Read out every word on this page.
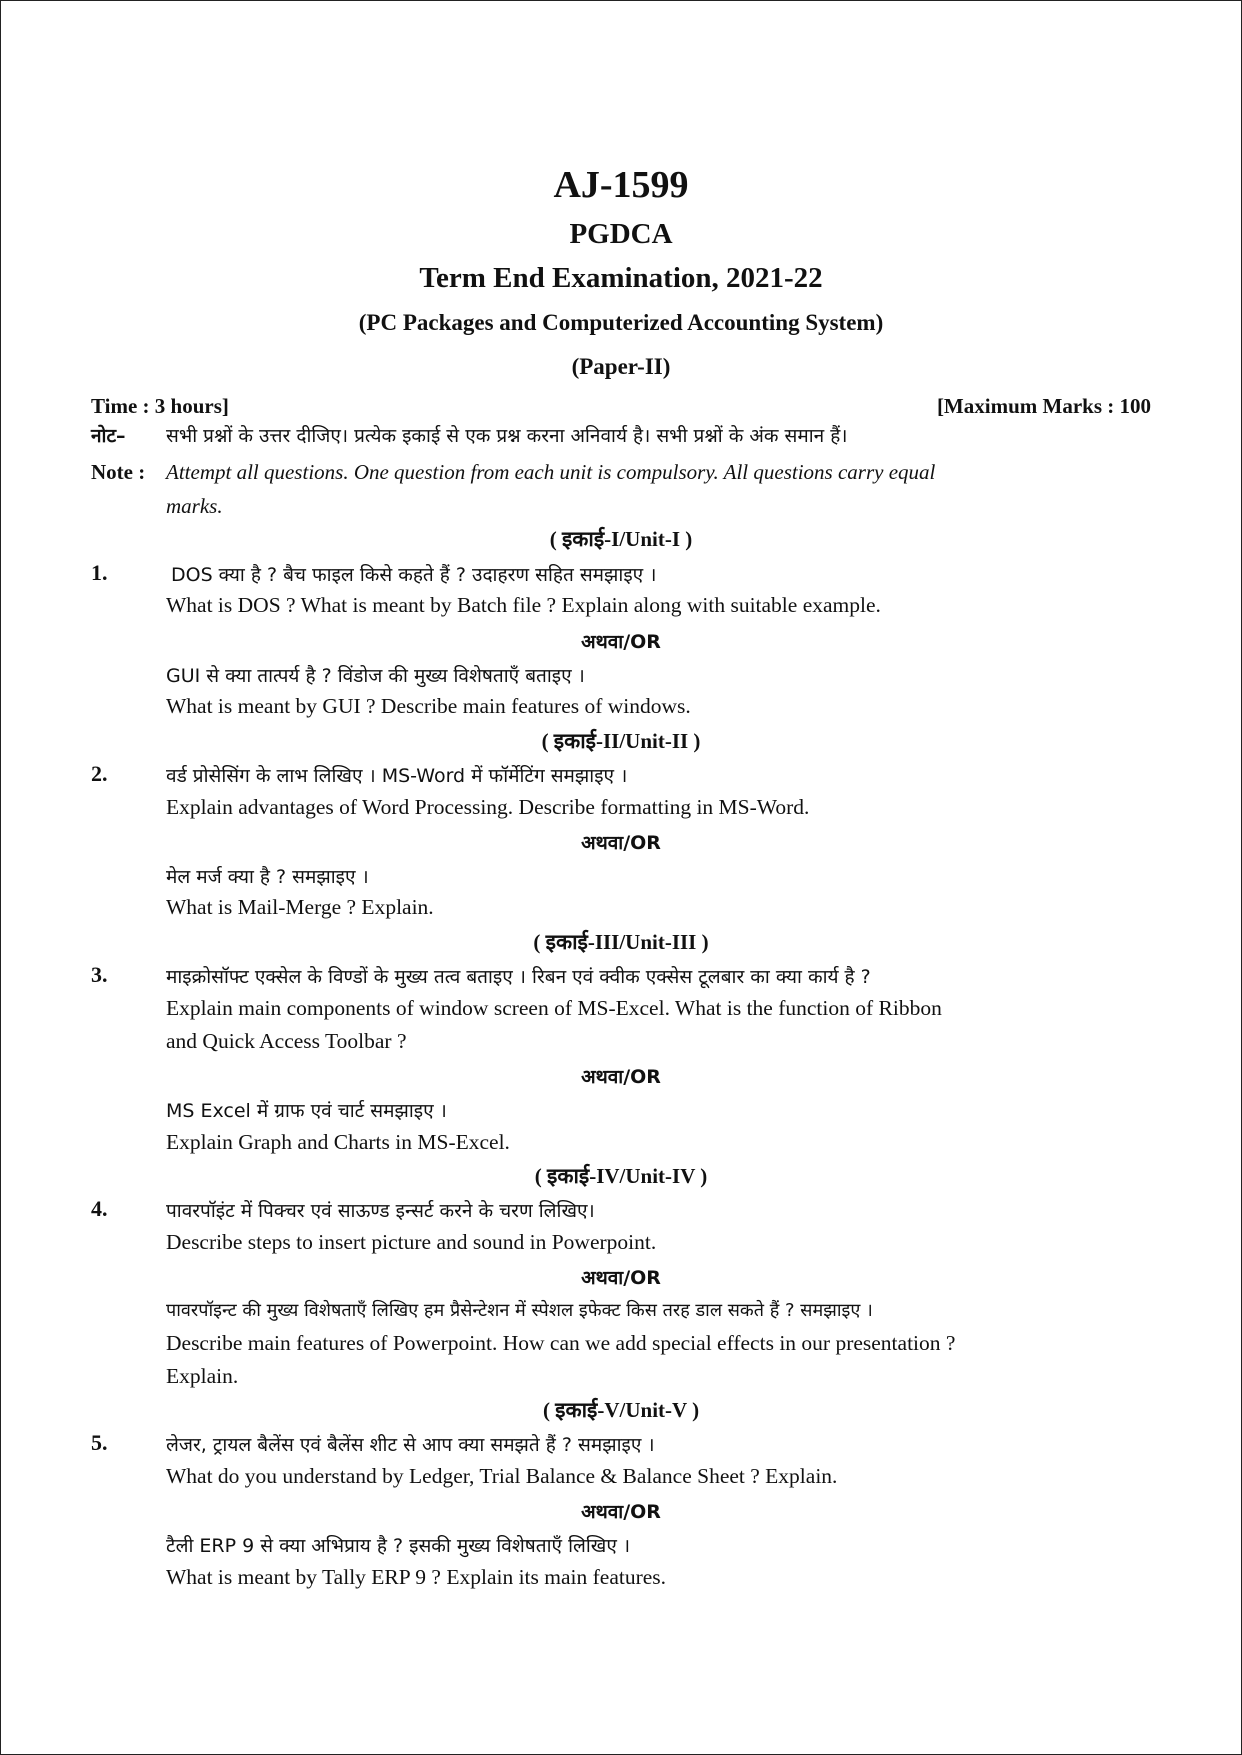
AJ-1599
PGDCA
Term End Examination, 2021-22
(PC Packages and Computerized Accounting System)
(Paper-II)
Time : 3 hours]	[Maximum Marks : 100
नोट– सभी प्रश्नों के उत्तर दीजिए। प्रत्येक इकाई से एक प्रश्न करना अनिवार्य है। सभी प्रश्नों के अंक समान हैं।
Note : Attempt all questions. One question from each unit is compulsory. All questions carry equal
marks.
( इकाई-I/Unit-I )
1.	DOS क्या है ? बैच फाइल किसे कहते हैं ? उदाहरण सहित समझाइए ।
What is DOS ? What is meant by Batch file ? Explain along with suitable example.
अथवा/OR
GUI से क्या तात्पर्य है ? विंडोज की मुख्य विशेषताएँ बताइए ।
What is meant by GUI ? Describe main features of windows.
( इकाई-II/Unit-II )
2.	वर्ड प्रोसेसिंग के लाभ लिखिए । MS-Word में फॉर्मेटिंग समझाइए ।
Explain advantages of Word Processing. Describe formatting in MS-Word.
अथवा/OR
मेल मर्ज क्या है ? समझाइए ।
What is Mail-Merge ? Explain.
( इकाई-III/Unit-III )
3.	माइक्रोसॉफ्ट एक्सेल के विण्डों के मुख्य तत्व बताइए । रिबन एवं क्वीक एक्सेस टूलबार का क्या कार्य है ?
Explain main components of window screen of MS-Excel. What is the function of Ribbon
and Quick Access Toolbar ?
अथवा/OR
MS Excel में ग्राफ एवं चार्ट समझाइए ।
Explain Graph and Charts in MS-Excel.
( इकाई-IV/Unit-IV )
4.	पावरपॉइंट में पिक्चर एवं साऊण्ड इन्सर्ट करने के चरण लिखिए।
Describe steps to insert picture and sound in Powerpoint.
अथवा/OR
पावरपॉइन्ट की मुख्य विशेषताएँ लिखिए हम प्रैसेन्टेशन में स्पेशल इफेक्ट किस तरह डाल सकते हैं ? समझाइए ।
Describe main features of Powerpoint. How can we add special effects in our presentation ?
Explain.
( इकाई-V/Unit-V )
5.	लेजर, ट्रायल बैलेंस एवं बैलेंस शीट से आप क्या समझते हैं ? समझाइए ।
What do you understand by Ledger, Trial Balance & Balance Sheet ? Explain.
अथवा/OR
टैली ERP 9 से क्या अभिप्राय है ? इसकी मुख्य विशेषताएँ लिखिए ।
What is meant by Tally ERP 9 ? Explain its main features.
